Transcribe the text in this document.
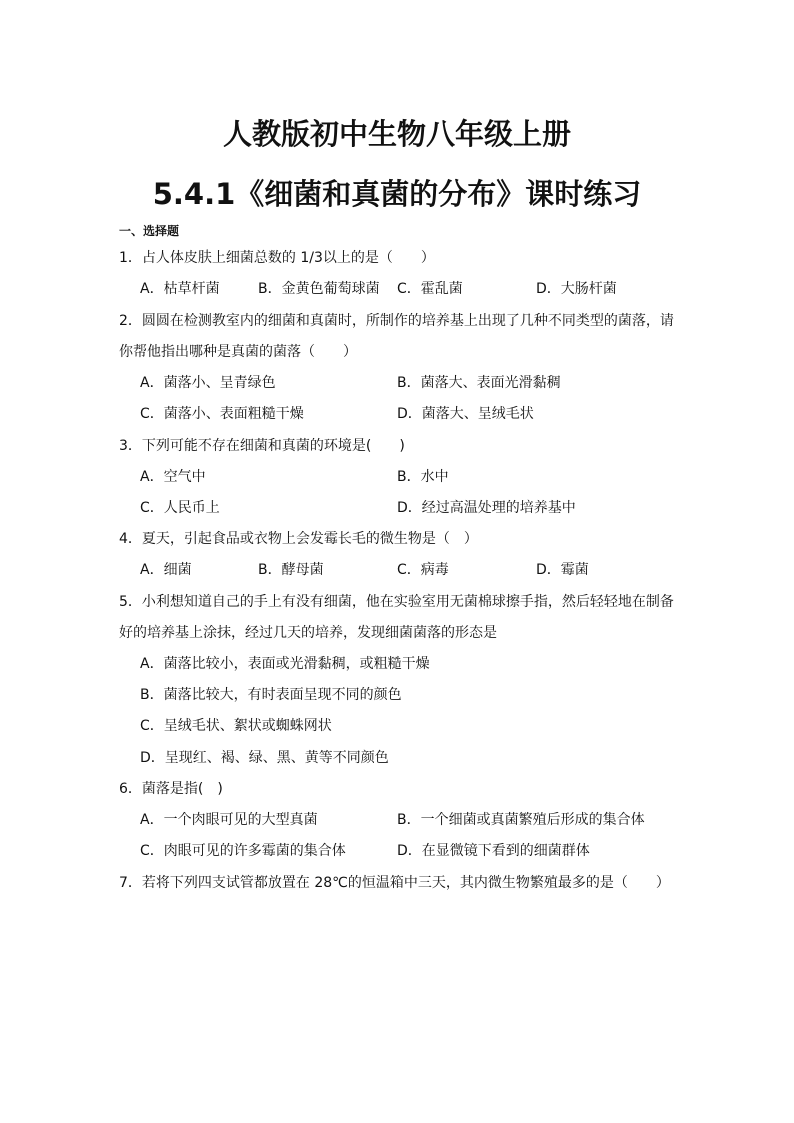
人教版初中生物八年级上册
5.4.1《细菌和真菌的分布》课时练习
一、选择题
1．占人体皮肤上细菌总数的 1/3以上的是（　　）
A．枯草杆菌	B．金黄色葡萄球菌 C．霍乱菌	D．大肠杆菌
2．圆圆在检测教室内的细菌和真菌时，所制作的培养基上出现了几种不同类型的菌落，请
你帮他指出哪种是真菌的菌落（　　）
A．菌落小、呈青绿色	B．菌落大、表面光滑黏稠
C．菌落小、表面粗糙干燥	D．菌落大、呈绒毛状
3．下列可能不存在细菌和真菌的环境是(　　)
A．空气中	B．水中
C．人民币上	D．经过高温处理的培养基中
4．夏天，引起食品或衣物上会发霉长毛的微生物是（　）
A．细菌	B．酵母菌	C．病毒	D．霉菌
5．小利想知道自己的手上有没有细菌，他在实验室用无菌棉球擦手指，然后轻轻地在制备
好的培养基上涂抹，经过几天的培养，发现细菌菌落的形态是
A．菌落比较小，表面或光滑黏稠，或粗糙干燥
B．菌落比较大，有时表面呈现不同的颜色
C．呈绒毛状、絮状或蜘蛛网状
D．呈现红、褐、绿、黑、黄等不同颜色
6．菌落是指(　)
A．一个肉眼可见的大型真菌	B．一个细菌或真菌繁殖后形成的集合体
C．肉眼可见的许多霉菌的集合体	D．在显微镜下看到的细菌群体
7．若将下列四支试管都放置在 28℃的恒温箱中三天，其内微生物繁殖最多的是（　　）
